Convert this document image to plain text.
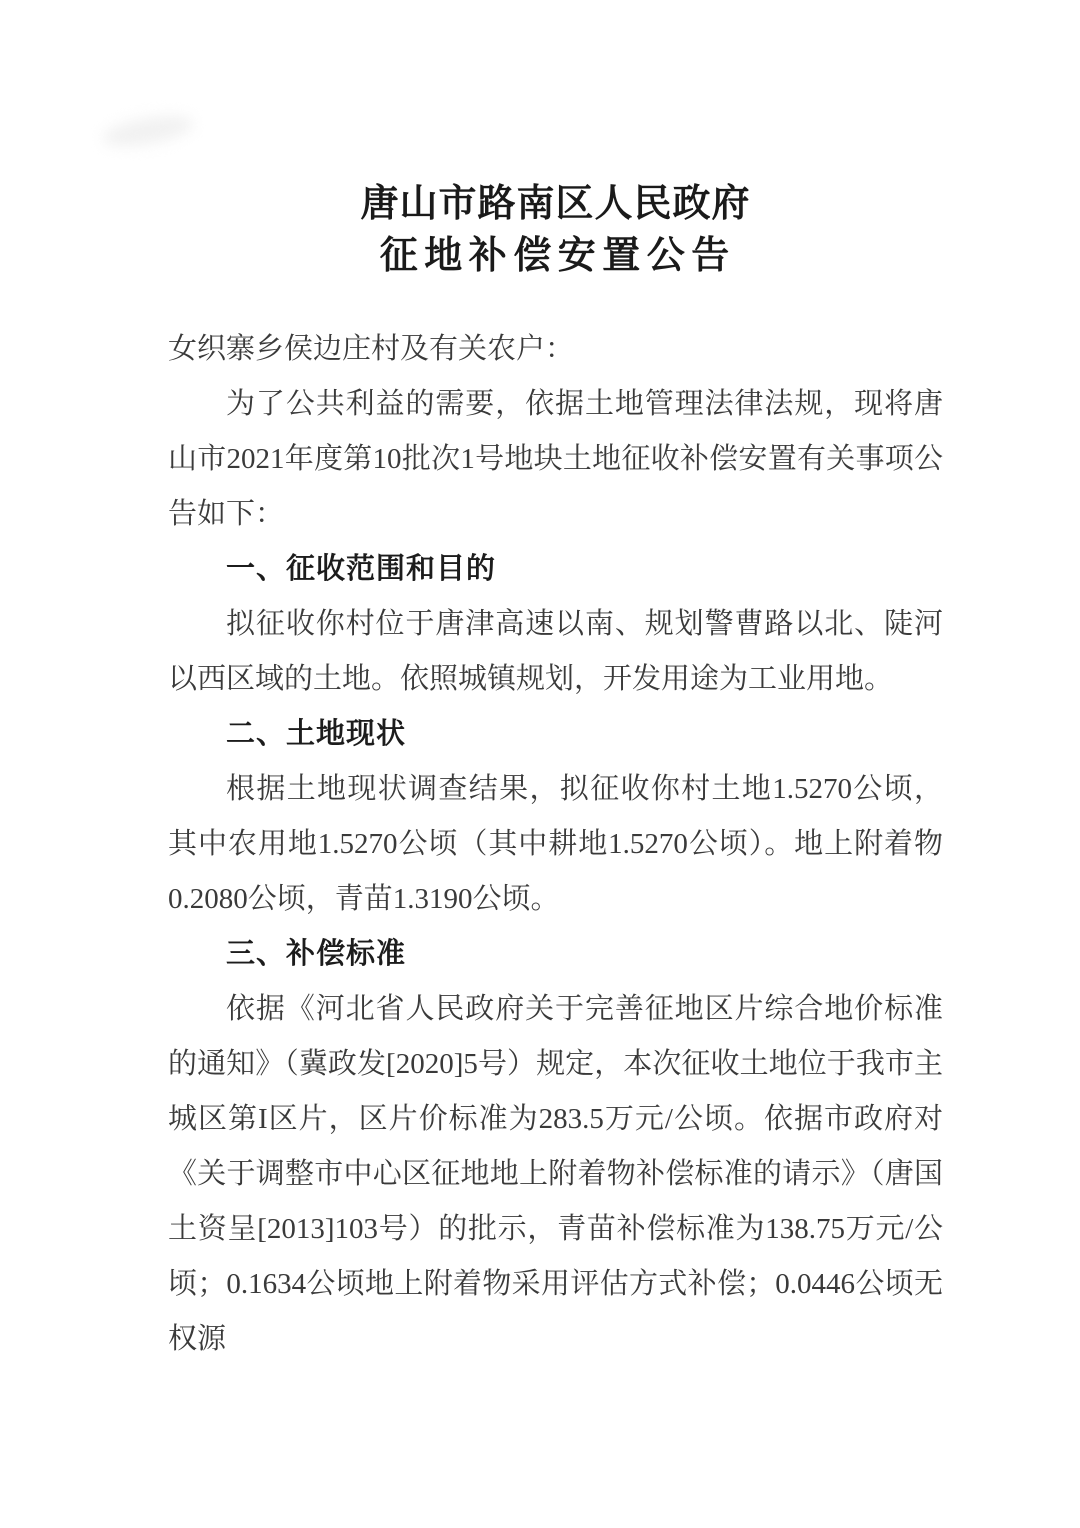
唐山市路南区人民政府
征 地 补 偿 安 置 公 告

女织寨乡侯边庄村及有关农户：

为了公共利益的需要，依据土地管理法律法规，现将唐山市2021年度第10批次1号地块土地征收补偿安置有关事项公告如下：

一、征收范围和目的

拟征收你村位于唐津高速以南、规划警曹路以北、陡河以西区域的土地。依照城镇规划，开发用途为工业用地。

二、土地现状

根据土地现状调查结果，拟征收你村土地1.5270公顷，其中农用地1.5270公顷（其中耕地1.5270公顷）。地上附着物0.2080公顷，青苗1.3190公顷。

三、补偿标准

依据《河北省人民政府关于完善征地区片综合地价标准的通知》（冀政发[2020]5号）规定，本次征收土地位于我市主城区第I区片，区片价标准为283.5万元/公顷。依据市政府对《关于调整市中心区征地地上附着物补偿标准的请示》（唐国土资呈[2013]103号）的批示，青苗补偿标准为138.75万元/公顷；0.1634公顷地上附着物采用评估方式补偿；0.0446公顷无权源
